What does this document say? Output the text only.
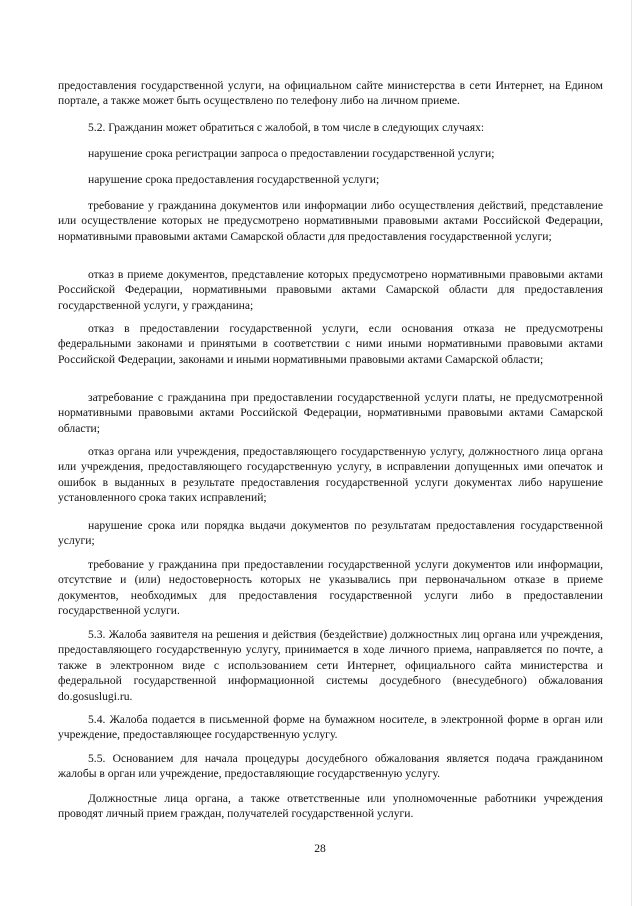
предоставления государственной услуги, на официальном сайте министерства в сети Интернет, на Едином портале, а также может быть осуществлено по телефону либо на личном приеме.

5.2. Гражданин может обратиться с жалобой, в том числе в следующих случаях:

нарушение срока регистрации запроса о предоставлении государственной услуги;

нарушение срока предоставления государственной услуги;

требование у гражданина документов или информации либо осуществления действий, представление или осуществление которых не предусмотрено нормативными правовыми актами Российской Федерации, нормативными правовыми актами Самарской области для предоставления государственной услуги;

отказ в приеме документов, представление которых предусмотрено нормативными правовыми актами Российской Федерации, нормативными правовыми актами Самарской области для предоставления государственной услуги, у гражданина;

отказ в предоставлении государственной услуги, если основания отказа не предусмотрены федеральными законами и принятыми в соответствии с ними иными нормативными правовыми актами Российской Федерации, законами и иными нормативными правовыми актами Самарской области;

затребование с гражданина при предоставлении государственной услуги платы, не предусмотренной нормативными правовыми актами Российской Федерации, нормативными правовыми актами Самарской области;

отказ органа или учреждения, предоставляющего государственную услугу, должностного лица органа или учреждения, предоставляющего государственную услугу, в исправлении допущенных ими опечаток и ошибок в выданных в результате предоставления государственной услуги документах либо нарушение установленного срока таких исправлений;

нарушение срока или порядка выдачи документов по результатам предоставления государственной услуги;

требование у гражданина при предоставлении государственной услуги документов или информации, отсутствие и (или) недостоверность которых не указывались при первоначальном отказе в приеме документов, необходимых для предоставления государственной услуги либо в предоставлении государственной услуги.

5.3. Жалоба заявителя на решения и действия (бездействие) должностных лиц органа или учреждения, предоставляющего государственную услугу, принимается в ходе личного приема, направляется по почте, а также в электронном виде с использованием сети Интернет, официального сайта министерства и федеральной государственной информационной системы досудебного (внесудебного) обжалования do.gosuslugi.ru.

5.4. Жалоба подается в письменной форме на бумажном носителе, в электронной форме в орган или учреждение, предоставляющее государственную услугу.

5.5. Основанием для начала процедуры досудебного обжалования является подача гражданином жалобы в орган или учреждение, предоставляющие государственную услугу.

Должностные лица органа, а также ответственные или уполномоченные работники учреждения проводят личный прием граждан, получателей государственной услуги.

28
